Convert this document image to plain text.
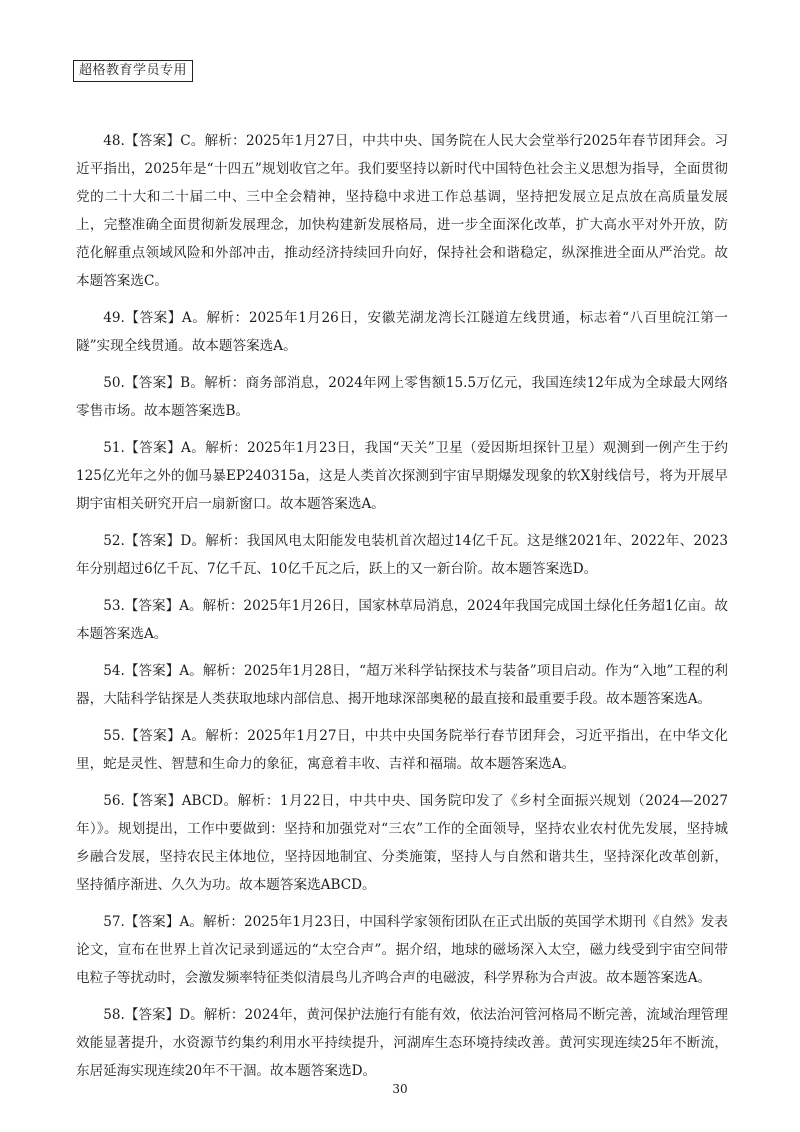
超格教育学员专用

48.【答案】C。解析：2025年1月27日，中共中央、国务院在人民大会堂举行2025年春节团拜会。习近平指出，2025年是“十四五”规划收官之年。我们要坚持以新时代中国特色社会主义思想为指导，全面贯彻党的二十大和二十届二中、三中全会精神，坚持稳中求进工作总基调，坚持把发展立足点放在高质量发展上，完整准确全面贯彻新发展理念，加快构建新发展格局，进一步全面深化改革，扩大高水平对外开放，防范化解重点领域风险和外部冲击，推动经济持续回升向好，保持社会和谐稳定，纵深推进全面从严治党。故本题答案选C。

49.【答案】A。解析：2025年1月26日，安徽芜湖龙湾长江隧道左线贯通，标志着“八百里皖江第一隧”实现全线贯通。故本题答案选A。

50.【答案】B。解析：商务部消息，2024年网上零售额15.5万亿元，我国连续12年成为全球最大网络零售市场。故本题答案选B。

51.【答案】A。解析：2025年1月23日，我国“天关”卫星（爱因斯坦探针卫星）观测到一例产生于约125亿光年之外的伽马暴EP240315a，这是人类首次探测到宇宙早期爆发现象的软X射线信号，将为开展早期宇宙相关研究开启一扇新窗口。故本题答案选A。

52.【答案】D。解析：我国风电太阳能发电装机首次超过14亿千瓦。这是继2021年、2022年、2023年分别超过6亿千瓦、7亿千瓦、10亿千瓦之后，跃上的又一新台阶。故本题答案选D。

53.【答案】A。解析：2025年1月26日，国家林草局消息，2024年我国完成国土绿化任务超1亿亩。故本题答案选A。

54.【答案】A。解析：2025年1月28日，“超万米科学钻探技术与装备”项目启动。作为“入地”工程的利器，大陆科学钻探是人类获取地球内部信息、揭开地球深部奥秘的最直接和最重要手段。故本题答案选A。

55.【答案】A。解析：2025年1月27日，中共中央国务院举行春节团拜会，习近平指出，在中华文化里，蛇是灵性、智慧和生命力的象征，寓意着丰收、吉祥和福瑞。故本题答案选A。

56.【答案】ABCD。解析：1月22日，中共中央、国务院印发了《乡村全面振兴规划（2024—2027年）》。规划提出，工作中要做到：坚持和加强党对“三农”工作的全面领导，坚持农业农村优先发展，坚持城乡融合发展，坚持农民主体地位，坚持因地制宜、分类施策，坚持人与自然和谐共生，坚持深化改革创新，坚持循序渐进、久久为功。故本题答案选ABCD。

57.【答案】A。解析：2025年1月23日，中国科学家领衔团队在正式出版的英国学术期刊《自然》发表论文，宣布在世界上首次记录到遥远的“太空合声”。据介绍，地球的磁场深入太空，磁力线受到宇宙空间带电粒子等扰动时，会激发频率特征类似清晨鸟儿齐鸣合声的电磁波，科学界称为合声波。故本题答案选A。

58.【答案】D。解析：2024年，黄河保护法施行有能有效，依法治河管河格局不断完善，流域治理管理效能显著提升，水资源节约集约利用水平持续提升，河湖库生态环境持续改善。黄河实现连续25年不断流，东居延海实现连续20年不干涸。故本题答案选D。

30
